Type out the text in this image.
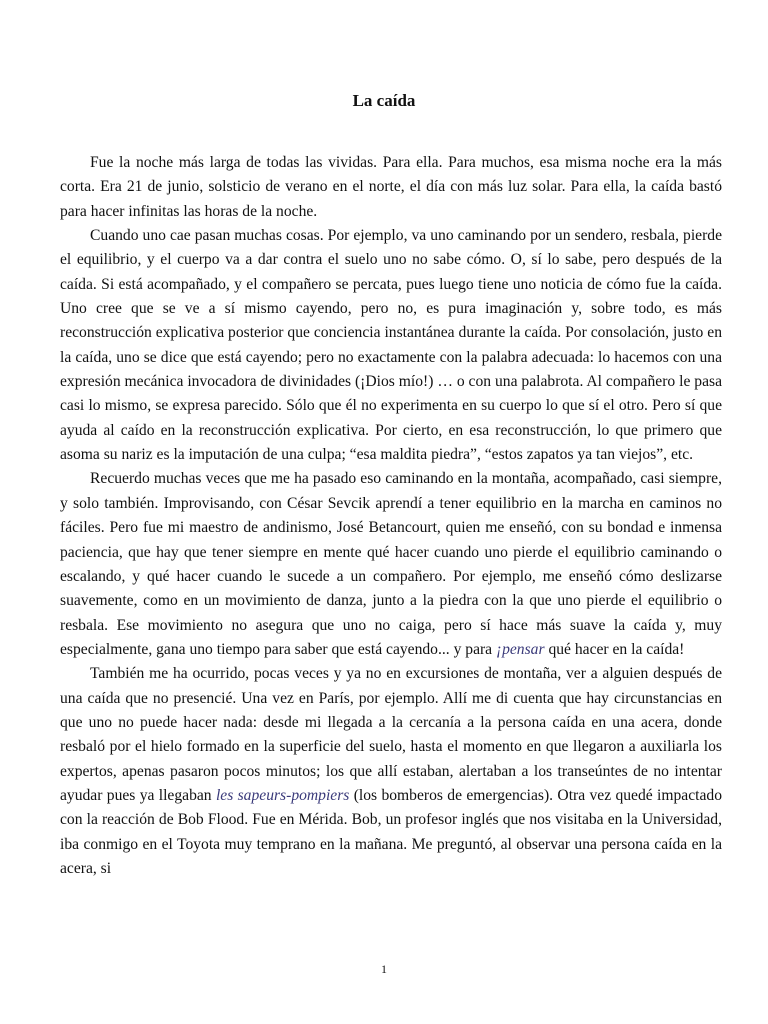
La caída

Fue la noche más larga de todas las vividas. Para ella. Para muchos, esa misma noche era la más corta. Era 21 de junio, solsticio de verano en el norte, el día con más luz solar. Para ella, la caída bastó para hacer infinitas las horas de la noche.

Cuando uno cae pasan muchas cosas. Por ejemplo, va uno caminando por un sendero, resbala, pierde el equilibrio, y el cuerpo va a dar contra el suelo uno no sabe cómo. O, sí lo sabe, pero después de la caída. Si está acompañado, y el compañero se percata, pues luego tiene uno noticia de cómo fue la caída. Uno cree que se ve a sí mismo cayendo, pero no, es pura imaginación y, sobre todo, es más reconstrucción explicativa posterior que conciencia instantánea durante la caída. Por consolación, justo en la caída, uno se dice que está cayendo; pero no exactamente con la palabra adecuada: lo hacemos con una expresión mecánica invocadora de divinidades (¡Dios mío!) … o con una palabrota. Al compañero le pasa casi lo mismo, se expresa parecido. Sólo que él no experimenta en su cuerpo lo que sí el otro. Pero sí que ayuda al caído en la reconstrucción explicativa. Por cierto, en esa reconstrucción, lo que primero que asoma su nariz es la imputación de una culpa; “esa maldita piedra”, “estos zapatos ya tan viejos”, etc.

Recuerdo muchas veces que me ha pasado eso caminando en la montaña, acompañado, casi siempre, y solo también. Improvisando, con César Sevcik aprendí a tener equilibrio en la marcha en caminos no fáciles. Pero fue mi maestro de andinismo, José Betancourt, quien me enseñó, con su bondad e inmensa paciencia, que hay que tener siempre en mente qué hacer cuando uno pierde el equilibrio caminando o escalando, y qué hacer cuando le sucede a un compañero. Por ejemplo, me enseñó cómo deslizarse suavemente, como en un movimiento de danza, junto a la piedra con la que uno pierde el equilibrio o resbala. Ese movimiento no asegura que uno no caiga, pero sí hace más suave la caída y, muy especialmente, gana uno tiempo para saber que está cayendo... y para ¡pensar qué hacer en la caída!

También me ha ocurrido, pocas veces y ya no en excursiones de montaña, ver a alguien después de una caída que no presencié. Una vez en París, por ejemplo. Allí me di cuenta que hay circunstancias en que uno no puede hacer nada: desde mi llegada a la cercanía a la persona caída en una acera, donde resbaló por el hielo formado en la superficie del suelo, hasta el momento en que llegaron a auxiliarla los expertos, apenas pasaron pocos minutos; los que allí estaban, alertaban a los transeúntes de no intentar ayudar pues ya llegaban les sapeurs-pompiers (los bomberos de emergencias). Otra vez quedé impactado con la reacción de Bob Flood. Fue en Mérida. Bob, un profesor inglés que nos visitaba en la Universidad, iba conmigo en el Toyota muy temprano en la mañana. Me preguntó, al observar una persona caída en la acera, si

1
